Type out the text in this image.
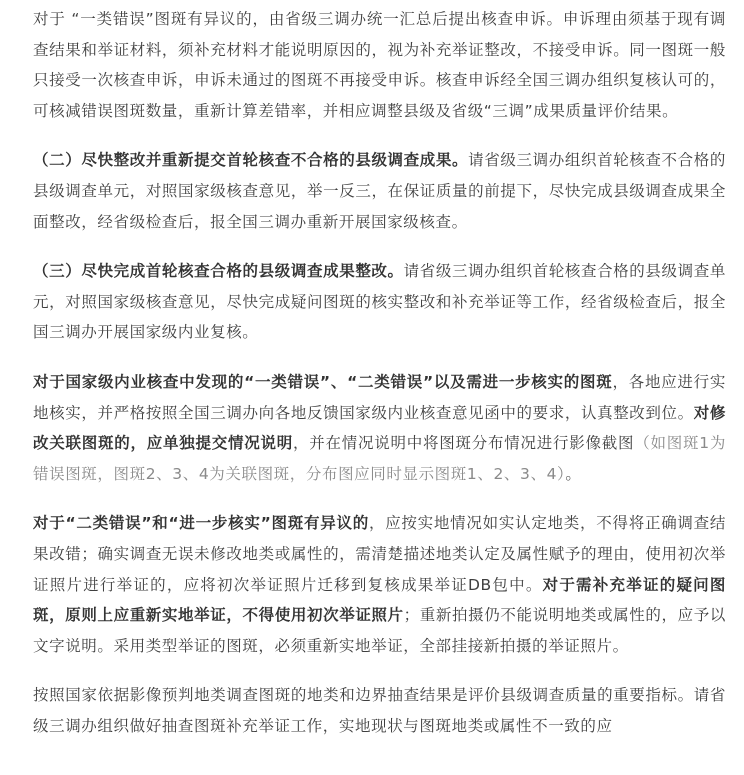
对于 “一类错误”图斑有异议的，由省级三调办统一汇总后提出核查申诉。申诉理由须基于现有调查结果和举证材料，须补充材料才能说明原因的，视为补充举证整改，不接受申诉。同一图斑一般只接受一次核查申诉，申诉未通过的图斑不再接受申诉。核查申诉经全国三调办组织复核认可的，可核减错误图斑数量，重新计算差错率，并相应调整县级及省级“三调”成果质量评价结果。

（二）尽快整改并重新提交首轮核查不合格的县级调查成果。请省级三调办组织首轮核查不合格的县级调查单元，对照国家级核查意见，举一反三，在保证质量的前提下，尽快完成县级调查成果全面整改，经省级检查后，报全国三调办重新开展国家级核查。

（三）尽快完成首轮核查合格的县级调查成果整改。请省级三调办组织首轮核查合格的县级调查单元，对照国家级核查意见，尽快完成疑问图斑的核实整改和补充举证等工作，经省级检查后，报全国三调办开展国家级内业复核。

对于国家级内业核查中发现的“一类错误”、“二类错误”以及需进一步核实的图斑，各地应进行实地核实，并严格按照全国三调办向各地反馈国家级内业核查意见函中的要求，认真整改到位。对修改关联图斑的，应单独提交情况说明，并在情况说明中将图斑分布情况进行影像截图（如图斑1为错误图斑，图斑2、3、4为关联图斑，分布图应同时显示图斑1、2、3、4）。

对于“二类错误”和“进一步核实”图斑有异议的，应按实地情况如实认定地类，不得将正确调查结果改错；确实调查无误未修改地类或属性的，需清楚描述地类认定及属性赋予的理由，使用初次举证照片进行举证的，应将初次举证照片迁移到复核成果举证DB包中。对于需补充举证的疑问图斑，原则上应重新实地举证，不得使用初次举证照片；重新拍摄仍不能说明地类或属性的，应予以文字说明。采用类型举证的图斑，必须重新实地举证，全部挂接新拍摄的举证照片。

按照国家依据影像预判地类调查图斑的地类和边界抽查结果是评价县级调查质量的重要指标。请省级三调办组织做好抽查图斑补充举证工作，实地现状与图斑地类或属性不一致的应
